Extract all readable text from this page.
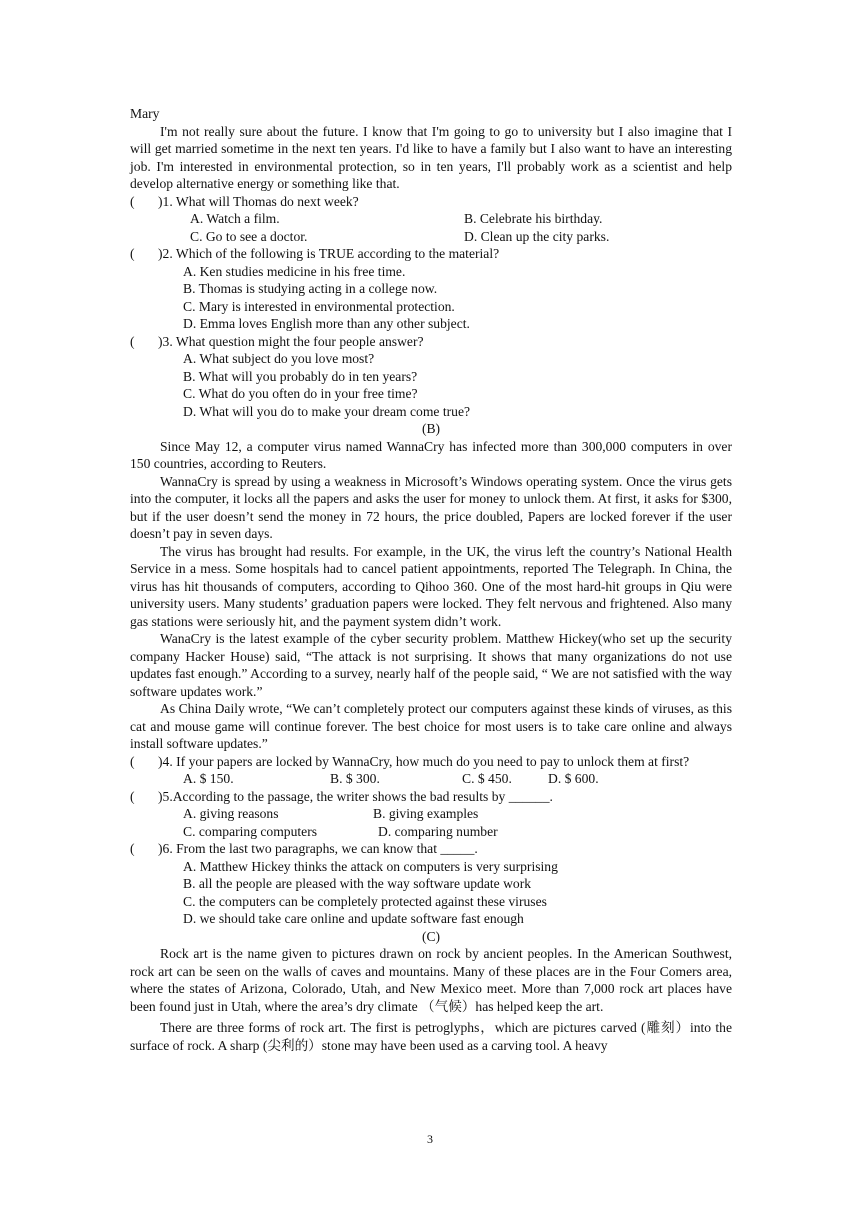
Mary
I'm not really sure about the future. I know that I'm going to go to university but I also imagine that I will get married sometime in the next ten years. I'd like to have a family but I also want to have an interesting job. I'm interested in environmental protection, so in ten years, I'll probably work as a scientist and help develop alternative energy or something like that.
( )1. What will Thomas do next week?
A. Watch a film.	B. Celebrate his birthday.
C. Go to see a doctor.	D. Clean up the city parks.
( )2. Which of the following is TRUE according to the material?
A. Ken studies medicine in his free time.
B. Thomas is studying acting in a college now.
C. Mary is interested in environmental protection.
D. Emma loves English more than any other subject.
( )3. What question might the four people answer?
A. What subject do you love most?
B. What will you probably do in ten years?
C. What do you often do in your free time?
D. What will you do to make your dream come true?
(B)
Since May 12, a computer virus named WannaCry has infected more than 300,000 computers in over 150 countries, according to Reuters.
WannaCry is spread by using a weakness in Microsoft’s Windows operating system. Once the virus gets into the computer, it locks all the papers and asks the user for money to unlock them. At first, it asks for $300, but if the user doesn’t send the money in 72 hours, the price doubled, Papers are locked forever if the user doesn’t pay in seven days.
The virus has brought had results. For example, in the UK, the virus left the country’s National Health Service in a mess. Some hospitals had to cancel patient appointments, reported The Telegraph. In China, the virus has hit thousands of computers, according to Qihoo 360. One of the most hard-hit groups in Qiu were university users. Many students’ graduation papers were locked. They felt nervous and frightened. Also many gas stations were seriously hit, and the payment system didn’t work.
WanaCry is the latest example of the cyber security problem. Matthew Hickey(who set up the security company Hacker House) said, “The attack is not surprising. It shows that many organizations do not use updates fast enough.” According to a survey, nearly half of the people said, “ We are not satisfied with the way software updates work.”
As China Daily wrote, “We can’t completely protect our computers against these kinds of viruses, as this cat and mouse game will continue forever. The best choice for most users is to take care online and always install software updates.”
( )4. If your papers are locked by WannaCry, how much do you need to pay to unlock them at first?
A. $ 150.	B. $ 300.	C. $ 450.	D. $ 600.
( )5.According to the passage, the writer shows the bad results by ______.
A. giving reasons	B. giving examples
C. comparing computers	D. comparing number
( )6. From the last two paragraphs, we can know that _____.
A. Matthew Hickey thinks the attack on computers is very surprising
B. all the people are pleased with the way software update work
C. the computers can be completely protected against these viruses
D. we should take care online and update software fast enough
(C)
Rock art is the name given to pictures drawn on rock by ancient peoples. In the American Southwest, rock art can be seen on the walls of caves and mountains. Many of these places are in the Four Comers area, where the states of Arizona, Colorado, Utah, and New Mexico meet. More than 7,000 rock art places have been found just in Utah, where the area’s dry climate （气候）has helped keep the art.
There are three forms of rock art. The first is petroglyphs，which are pictures carved (雕刻）into the surface of rock. A sharp (尖利的）stone may have been used as a carving tool. A heavy
3
